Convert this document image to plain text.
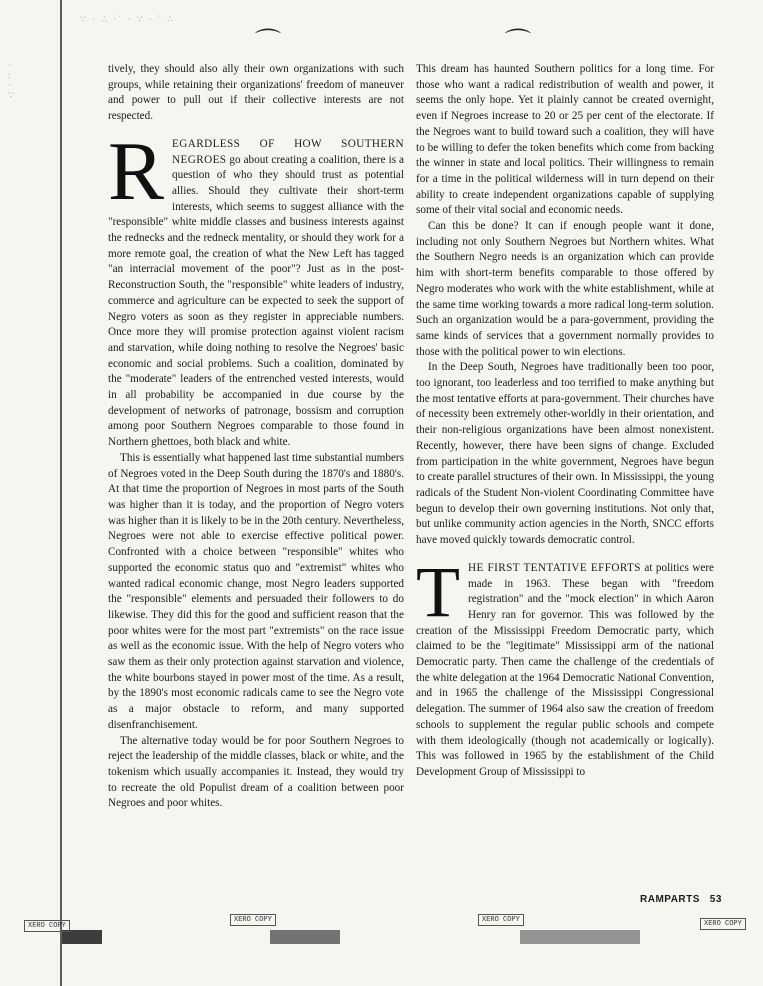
⌒	⌒
∵ · ∴ ·˙ · ∵ · ˙ ∴
·
:
·
∵

tively, they should also ally their own organizations with such groups, while retaining their organizations' freedom of maneuver and power to pull out if their collective interests are not respected.

R EGARDLESS OF HOW SOUTHERN NEGROES go about creating a coalition, there is a question of who they should trust as potential allies. Should they cultivate their short-term interests, which seems to suggest alliance with the "responsible" white middle classes and business interests against the rednecks and the redneck mentality, or should they work for a more remote goal, the creation of what the New Left has tagged "an interracial movement of the poor"? Just as in the post-Reconstruction South, the "responsible" white leaders of industry, commerce and agriculture can be expected to seek the support of Negro voters as soon as they register in appreciable numbers. Once more they will promise protection against violent racism and starvation, while doing nothing to resolve the Negroes' basic economic and social problems. Such a coalition, dominated by the "moderate" leaders of the entrenched vested interests, would in all probability be accompanied in due course by the development of networks of patronage, bossism and corruption among poor Southern Negroes comparable to those found in Northern ghettoes, both black and white.

This is essentially what happened last time substantial numbers of Negroes voted in the Deep South during the 1870's and 1880's. At that time the proportion of Negroes in most parts of the South was higher than it is today, and the proportion of Negro voters was higher than it is likely to be in the 20th century. Nevertheless, Negroes were not able to exercise effective political power. Confronted with a choice between "responsible" whites who supported the economic status quo and "extremist" whites who wanted radical economic change, most Negro leaders supported the "responsible" elements and persuaded their followers to do likewise. They did this for the good and sufficient reason that the poor whites were for the most part "extremists" on the race issue as well as the economic issue. With the help of Negro voters who saw them as their only protection against starvation and violence, the white bourbons stayed in power most of the time. As a result, by the 1890's most economic radicals came to see the Negro vote as a major obstacle to reform, and many supported disenfranchisement.

The alternative today would be for poor Southern Negroes to reject the leadership of the middle classes, black or white, and the tokenism which usually accompanies it. Instead, they would try to recreate the old Populist dream of a coalition between poor Negroes and poor whites.

This dream has haunted Southern politics for a long time. For those who want a radical redistribution of wealth and power, it seems the only hope. Yet it plainly cannot be created overnight, even if Negroes increase to 20 or 25 per cent of the electorate. If the Negroes want to build toward such a coalition, they will have to be willing to defer the token benefits which come from backing the winner in state and local politics. Their willingness to remain for a time in the political wilderness will in turn depend on their ability to create independent organizations capable of supplying some of their vital social and economic needs.

Can this be done? It can if enough people want it done, including not only Southern Negroes but Northern whites. What the Southern Negro needs is an organization which can provide him with short-term benefits comparable to those offered by Negro moderates who work with the white establishment, while at the same time working towards a more radical long-term solution. Such an organization would be a para-government, providing the same kinds of services that a government normally provides to those with the political power to win elections.

In the Deep South, Negroes have traditionally been too poor, too ignorant, too leaderless and too terrified to make anything but the most tentative efforts at para-government. Their churches have of necessity been extremely other-worldly in their orientation, and their non-religious organizations have been almost nonexistent. Recently, however, there have been signs of change. Excluded from participation in the white government, Negroes have begun to create parallel structures of their own. In Mississippi, the young radicals of the Student Non-violent Coordinating Committee have begun to develop their own governing institutions. Not only that, but unlike community action agencies in the North, SNCC efforts have moved quickly towards democratic control.

T HE FIRST TENTATIVE EFFORTS at politics were made in 1963. These began with "freedom registration" and the "mock election" in which Aaron Henry ran for governor. This was followed by the creation of the Mississippi Freedom Democratic party, which claimed to be the "legitimate" Mississippi arm of the national Democratic party. Then came the challenge of the credentials of the white delegation at the 1964 Democratic National Convention, and in 1965 the challenge of the Mississippi Congressional delegation. The summer of 1964 also saw the creation of freedom schools to supplement the regular public schools and compete with them ideologically (though not academically or logically). This was followed in 1965 by the establishment of the Child Development Group of Mississippi to

RAMPARTS 53
XERO COPY
XERO COPY	XERO COPY	XERO COPY
